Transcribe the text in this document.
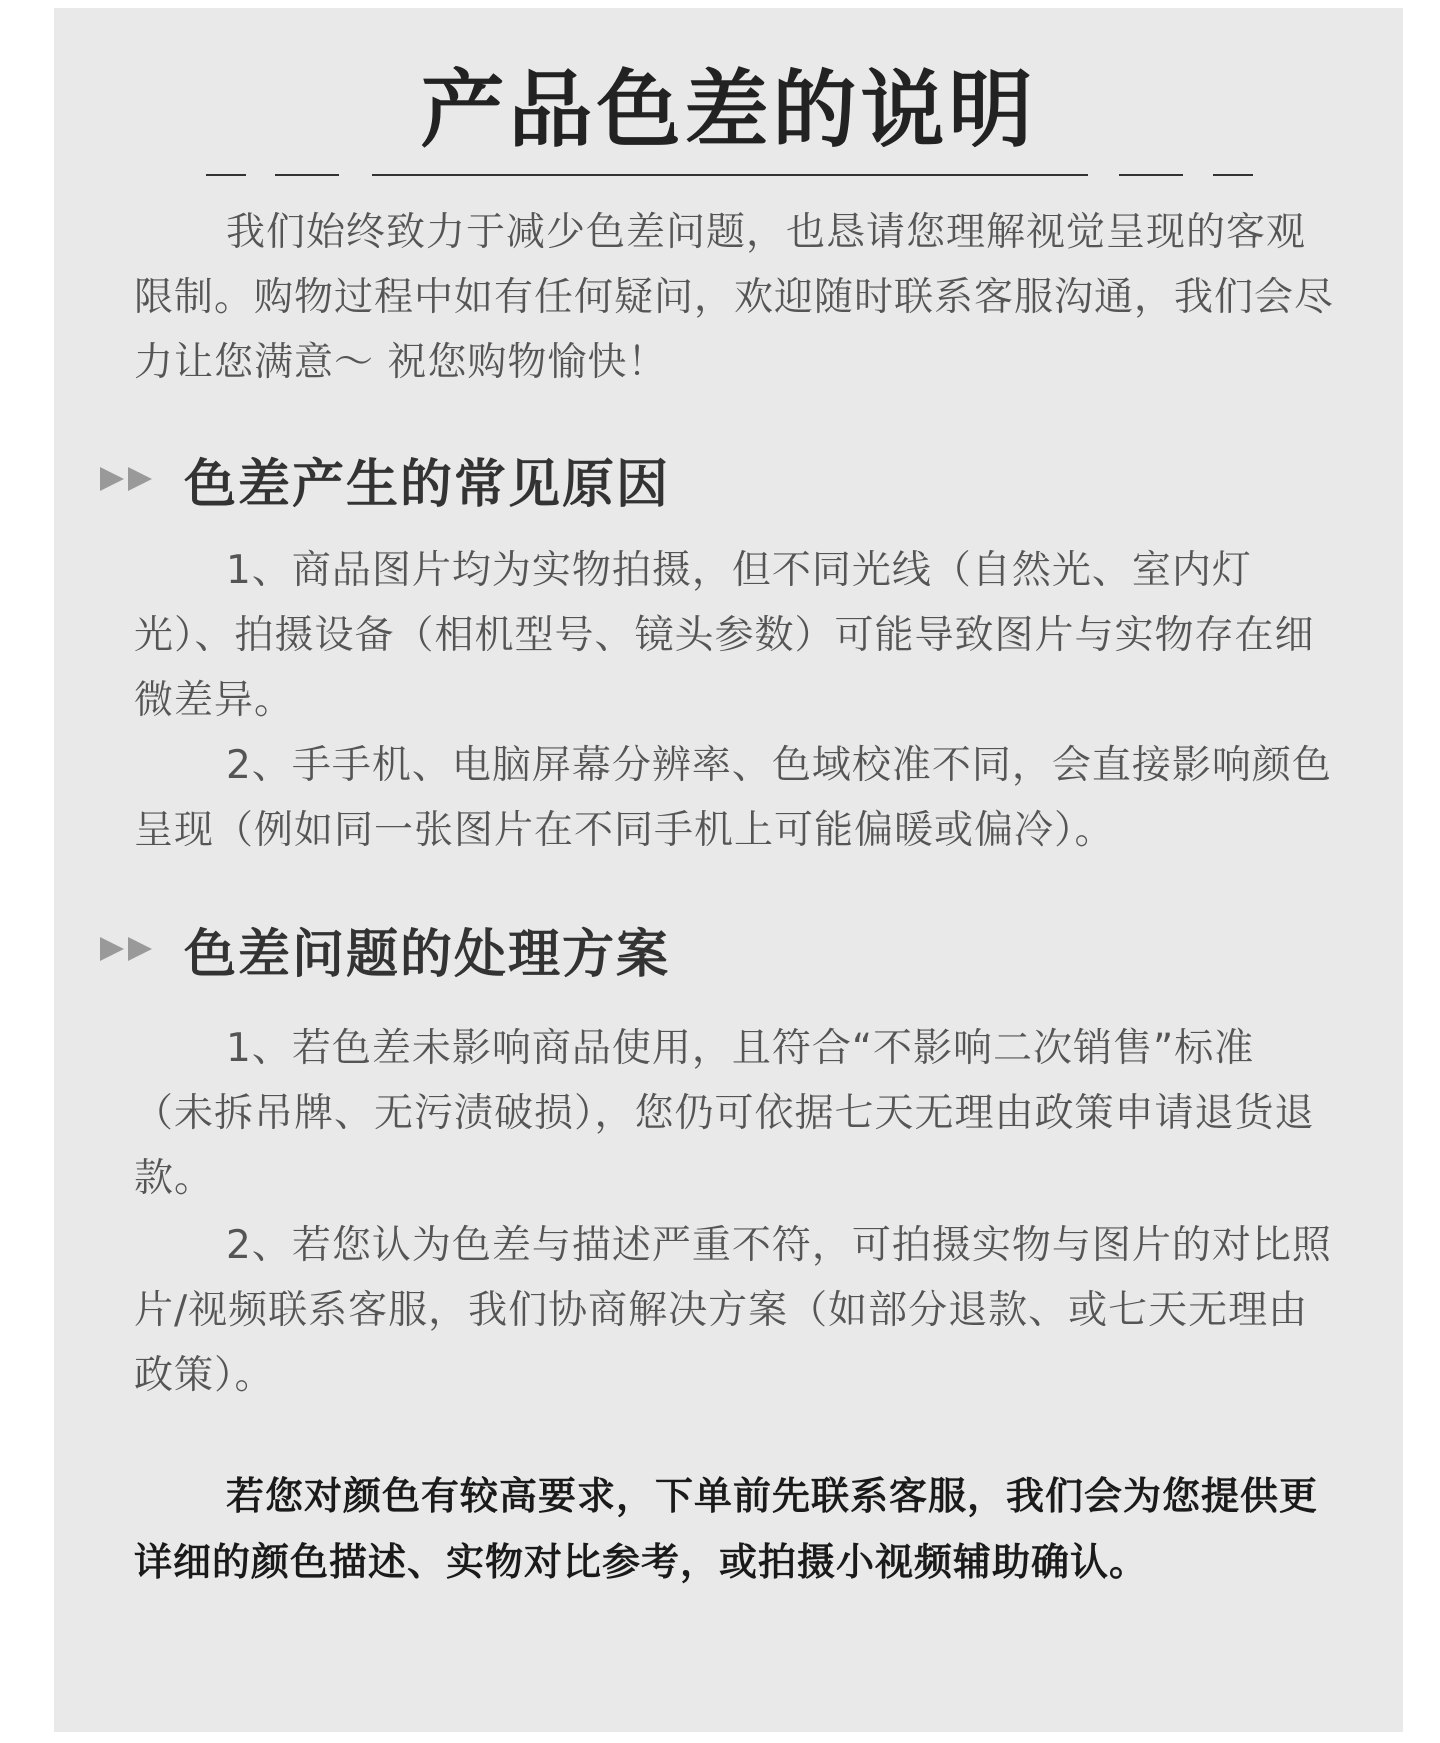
产品色差的说明

我们始终致力于减少色差问题，也恳请您理解视觉呈现的客观限制。购物过程中如有任何疑问，欢迎随时联系客服沟通，我们会尽力让您满意～ 祝您购物愉快！

色差产生的常见原因

1、商品图片均为实物拍摄，但不同光线（自然光、室内灯光）、拍摄设备（相机型号、镜头参数）可能导致图片与实物存在细微差异。

2、手手机、电脑屏幕分辨率、色域校准不同，会直接影响颜色呈现（例如同一张图片在不同手机上可能偏暖或偏冷）。

色差问题的处理方案

1、若色差未影响商品使用，且符合“不影响二次销售”标准（未拆吊牌、无污渍破损），您仍可依据七天无理由政策申请退货退款。

2、若您认为色差与描述严重不符，可拍摄实物与图片的对比照片/视频联系客服，我们协商解决方案（如部分退款、或七天无理由政策）。

若您对颜色有较高要求，下单前先联系客服，我们会为您提供更详细的颜色描述、实物对比参考，或拍摄小视频辅助确认。
